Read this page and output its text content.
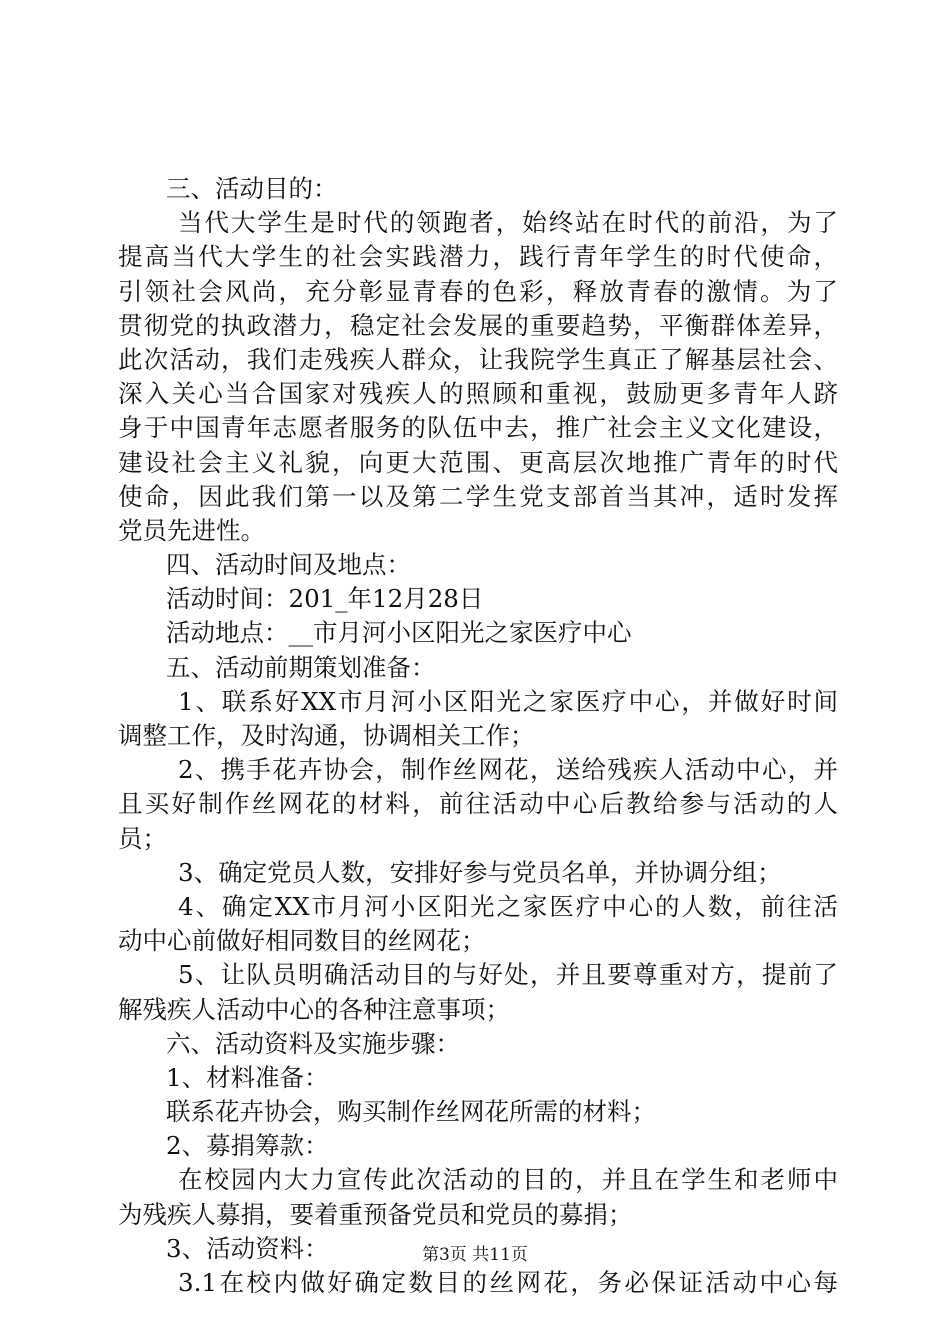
三、活动目的：
当代大学生是时代的领跑者，始终站在时代的前沿，为了
提高当代大学生的社会实践潜力，践行青年学生的时代使命，
引领社会风尚，充分彰显青春的色彩，释放青春的激情。为了
贯彻党的执政潜力，稳定社会发展的重要趋势，平衡群体差异，
此次活动，我们走残疾人群众，让我院学生真正了解基层社会、
深入关心当合国家对残疾人的照顾和重视，鼓励更多青年人跻
身于中国青年志愿者服务的队伍中去，推广社会主义文化建设，
建设社会主义礼貌，向更大范围、更高层次地推广青年的时代
使命，因此我们第一以及第二学生党支部首当其冲，适时发挥
党员先进性。
四、活动时间及地点：
活动时间：201_年12月28日
活动地点：__市月河小区阳光之家医疗中心
五、活动前期策划准备：
1、联系好XX市月河小区阳光之家医疗中心，并做好时间
调整工作，及时沟通，协调相关工作；
2、携手花卉协会，制作丝网花，送给残疾人活动中心，并
且买好制作丝网花的材料，前往活动中心后教给参与活动的人
员；
3、确定党员人数，安排好参与党员名单，并协调分组；
4、确定XX市月河小区阳光之家医疗中心的人数，前往活
动中心前做好相同数目的丝网花；
5、让队员明确活动目的与好处，并且要尊重对方，提前了
解残疾人活动中心的各种注意事项；
六、活动资料及实施步骤：
1、材料准备：
联系花卉协会，购买制作丝网花所需的材料；
2、募捐筹款：
在校园内大力宣传此次活动的目的，并且在学生和老师中
为残疾人募捐，要着重预备党员和党员的募捐；
3、活动资料：
3.1在校内做好确定数目的丝网花，务必保证活动中心每
第3页 共11页
